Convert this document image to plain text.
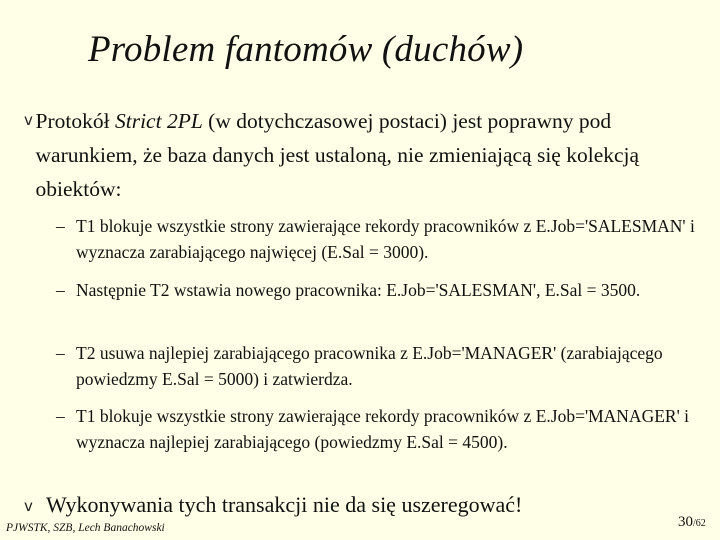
Problem fantomów (duchów)
v Protokół Strict 2PL (w dotychczasowej postaci) jest poprawny pod warunkiem, że baza danych jest ustaloną, nie zmieniającą się kolekcją obiektów:
– T1 blokuje wszystkie strony zawierające rekordy pracowników z E.Job='SALESMAN' i wyznacza zarabiającego najwięcej (E.Sal = 3000).
– Następnie T2 wstawia nowego pracownika: E.Job='SALESMAN', E.Sal = 3500.
– T2 usuwa najlepiej zarabiającego pracownika z E.Job='MANAGER' (zarabiającego powiedzmy E.Sal = 5000) i zatwierdza.
– T1 blokuje wszystkie strony zawierające rekordy pracowników z E.Job='MANAGER' i wyznacza najlepiej zarabiającego (powiedzmy E.Sal = 4500).
v Wykonywania tych transakcji nie da się uszeregować!
PJWSTK, SZB, Lech Banachowski	30/62
